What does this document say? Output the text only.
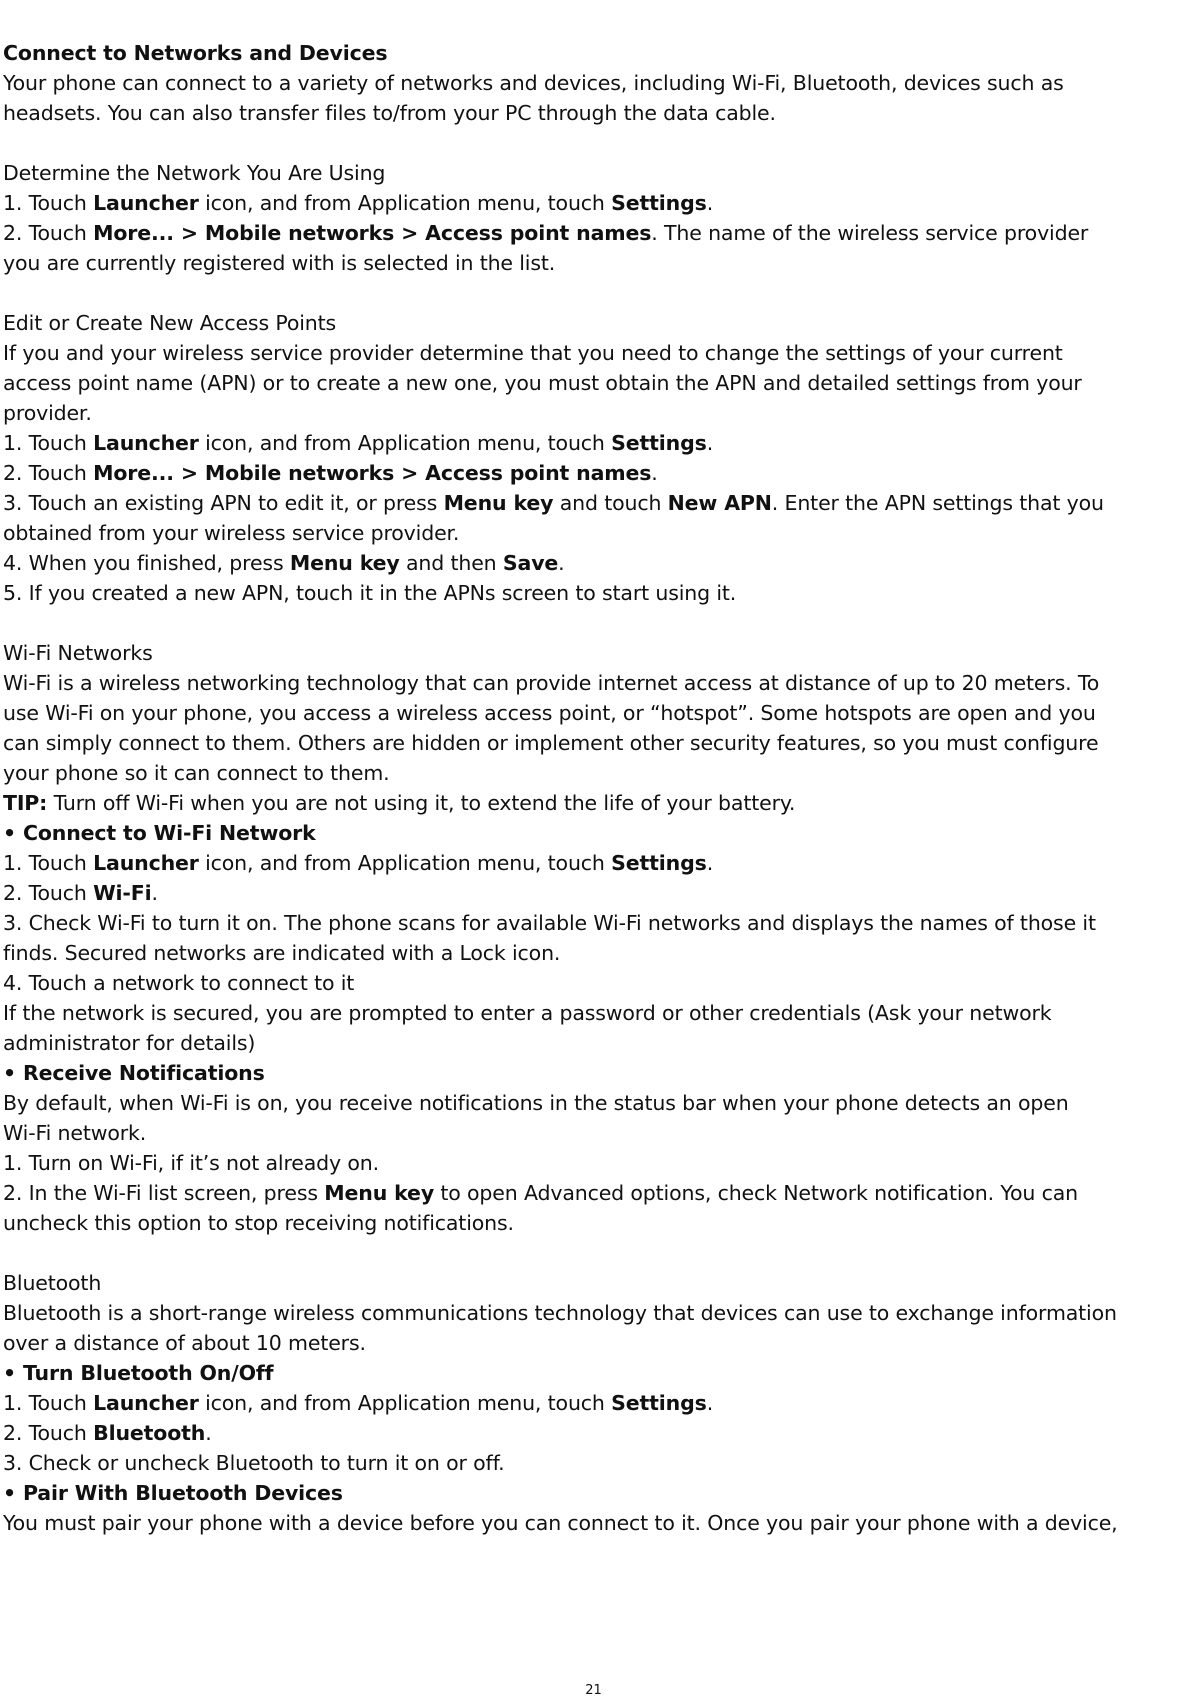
Connect to Networks and Devices

Your phone can connect to a variety of networks and devices, including Wi-Fi, Bluetooth, devices such as

headsets. You can also transfer files to/from your PC through the data cable.

Determine the Network You Are Using

1. Touch Launcher icon, and from Application menu, touch Settings.

2. Touch More... > Mobile networks > Access point names. The name of the wireless service provider

you are currently registered with is selected in the list.

Edit or Create New Access Points

If you and your wireless service provider determine that you need to change the settings of your current

access point name (APN) or to create a new one, you must obtain the APN and detailed settings from your

provider.

1. Touch Launcher icon, and from Application menu, touch Settings.

2. Touch More... > Mobile networks > Access point names.

3. Touch an existing APN to edit it, or press Menu key and touch New APN. Enter the APN settings that you

obtained from your wireless service provider.

4. When you finished, press Menu key and then Save.

5. If you created a new APN, touch it in the APNs screen to start using it.

Wi-Fi Networks

Wi-Fi is a wireless networking technology that can provide internet access at distance of up to 20 meters. To

use Wi-Fi on your phone, you access a wireless access point, or “hotspot”. Some hotspots are open and you

can simply connect to them. Others are hidden or implement other security features, so you must configure

your phone so it can connect to them.

TIP: Turn off Wi-Fi when you are not using it, to extend the life of your battery.

• Connect to Wi-Fi Network

1. Touch Launcher icon, and from Application menu, touch Settings.

2. Touch Wi-Fi.

3. Check Wi-Fi to turn it on. The phone scans for available Wi-Fi networks and displays the names of those it

finds. Secured networks are indicated with a Lock icon.

4. Touch a network to connect to it

If the network is secured, you are prompted to enter a password or other credentials (Ask your network

administrator for details)

• Receive Notifications

By default, when Wi-Fi is on, you receive notifications in the status bar when your phone detects an open

Wi-Fi network.

1. Turn on Wi-Fi, if it’s not already on.

2. In the Wi-Fi list screen, press Menu key to open Advanced options, check Network notification. You can

uncheck this option to stop receiving notifications.

Bluetooth

Bluetooth is a short-range wireless communications technology that devices can use to exchange information

over a distance of about 10 meters.

• Turn Bluetooth On/Off

1. Touch Launcher icon, and from Application menu, touch Settings.

2. Touch Bluetooth.

3. Check or uncheck Bluetooth to turn it on or off.

• Pair With Bluetooth Devices

You must pair your phone with a device before you can connect to it. Once you pair your phone with a device,

21
